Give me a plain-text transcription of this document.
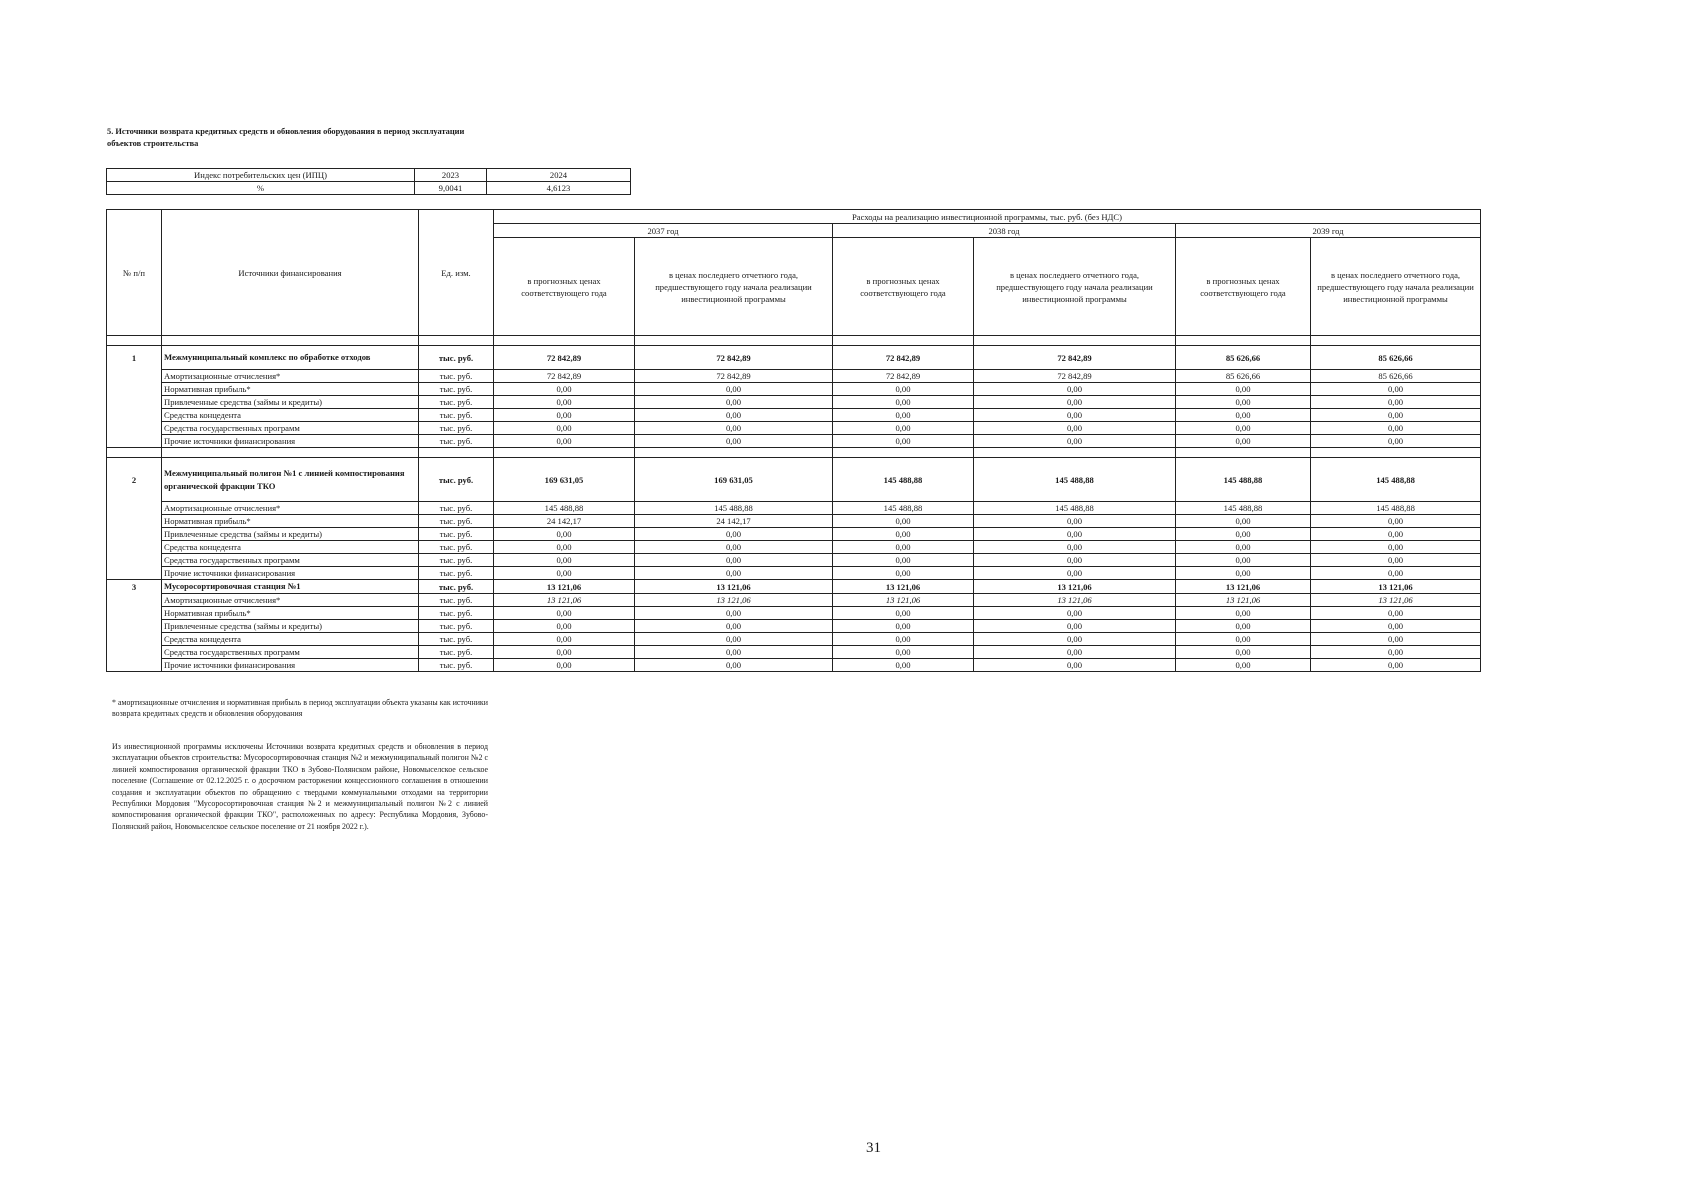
5. Источники возврата кредитных средств и обновления оборудования в период эксплуатации объектов строительства
Индекс потребительских цен (ИПЦ)	2023	2024
%	9,0041	4,6123
№ п/п	Источники финансирования	Ед. изм.	Расходы на реализацию инвестиционной программы, тыс. руб. (без НДС)					
			2037 год		2038 год		2039 год	
			в прогнозных ценах соответствующего года	в ценах последнего отчетного года, предшествующего году начала реализации инвестиционной программы	в прогнозных ценах соответствующего года	в ценах последнего отчетного года, предшествующего году начала реализации инвестиционной программы	в прогнозных ценах соответствующего года	в ценах последнего отчетного года, предшествующего году начала реализации инвестиционной программы

1	Межмуниципальный комплекс по обработке отходов	тыс. руб.	72 842,89	72 842,89	72 842,89	72 842,89	85 626,66	85 626,66
	Амортизационные отчисления*	тыс. руб.	72 842,89	72 842,89	72 842,89	72 842,89	85 626,66	85 626,66
	Нормативная прибыль*	тыс. руб.	0,00	0,00	0,00	0,00	0,00	0,00
	Привлеченные средства (займы и кредиты)	тыс. руб.	0,00	0,00	0,00	0,00	0,00	0,00
	Средства концедента	тыс. руб.	0,00	0,00	0,00	0,00	0,00	0,00
	Средства государственных программ	тыс. руб.	0,00	0,00	0,00	0,00	0,00	0,00
	Прочие источники финансирования	тыс. руб.	0,00	0,00	0,00	0,00	0,00	0,00

2	Межмуниципальный полигон №1 с линией компостирования органической фракции ТКО	тыс. руб.	169 631,05	169 631,05	145 488,88	145 488,88	145 488,88	145 488,88
	Амортизационные отчисления*	тыс. руб.	145 488,88	145 488,88	145 488,88	145 488,88	145 488,88	145 488,88
	Нормативная прибыль*	тыс. руб.	24 142,17	24 142,17	0,00	0,00	0,00	0,00
	Привлеченные средства (займы и кредиты)	тыс. руб.	0,00	0,00	0,00	0,00	0,00	0,00
	Средства концедента	тыс. руб.	0,00	0,00	0,00	0,00	0,00	0,00
	Средства государственных программ	тыс. руб.	0,00	0,00	0,00	0,00	0,00	0,00
	Прочие источники финансирования	тыс. руб.	0,00	0,00	0,00	0,00	0,00	0,00
3	Мусоросортировочная станция №1	тыс. руб.	13 121,06	13 121,06	13 121,06	13 121,06	13 121,06	13 121,06
	Амортизационные отчисления*	тыс. руб.	13 121,06	13 121,06	13 121,06	13 121,06	13 121,06	13 121,06
	Нормативная прибыль*	тыс. руб.	0,00	0,00	0,00	0,00	0,00	0,00
	Привлеченные средства (займы и кредиты)	тыс. руб.	0,00	0,00	0,00	0,00	0,00	0,00
	Средства концедента	тыс. руб.	0,00	0,00	0,00	0,00	0,00	0,00
	Средства государственных программ	тыс. руб.	0,00	0,00	0,00	0,00	0,00	0,00
	Прочие источники финансирования	тыс. руб.	0,00	0,00	0,00	0,00	0,00	0,00
* амортизационные отчисления и нормативная прибыль в период эксплуатации объекта указаны как источники возврата кредитных средств и обновления оборудования
Из инвестиционной программы исключены Источники возврата кредитных средств и обновления в период эксплуатации объектов строительства: Мусоросортировочная станция №2 и межмуниципальный полигон №2 с линией компостирования органической фракции ТКО в Зубово-Полянском районе, Новомыселское сельское поселение (Соглашение от 02.12.2025 г. о досрочном расторжении концессионного соглашения в отношении создания и эксплуатации объектов по обращению с твердыми коммунальными отходами на территории Республики Мордовия "Мусоросортировочная станция №2 и межмуниципальный полигон №2 с линией компостирования органической фракции ТКО", расположенных по адресу: Республика Мордовия, Зубово-Полянский район, Новомыселское сельское поселение от 21 ноября 2022 г.).
31
